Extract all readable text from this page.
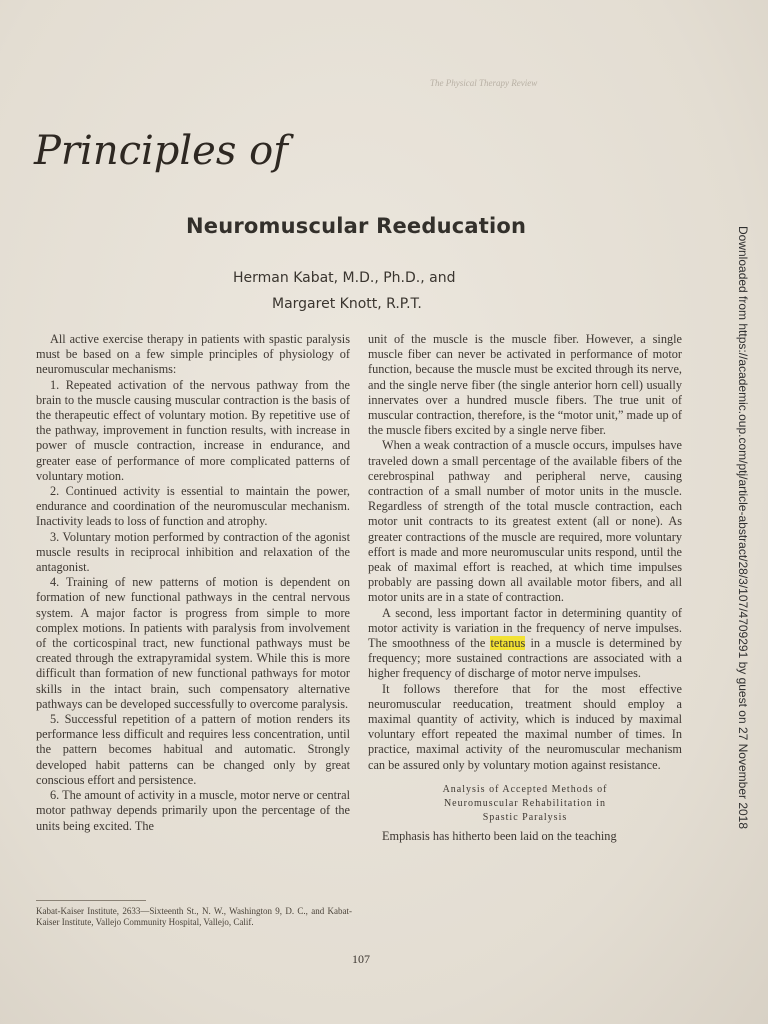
The Physical Therapy Review
Principles of
Neuromuscular Reeducation
Herman Kabat, M.D., Ph.D., and
Margaret Knott, R.P.T.

All active exercise therapy in patients with spastic paralysis must be based on a few simple principles of physiology of neuromuscular mechanisms:

1. Repeated activation of the nervous pathway from the brain to the muscle causing muscular contraction is the basis of the therapeutic effect of voluntary motion. By repetitive use of the pathway, improvement in function results, with increase in power of muscle contraction, increase in endurance, and greater ease of performance of more complicated patterns of voluntary motion.

2. Continued activity is essential to maintain the power, endurance and coordination of the neuromuscular mechanism. Inactivity leads to loss of function and atrophy.

3. Voluntary motion performed by contraction of the agonist muscle results in reciprocal inhibition and relaxation of the antagonist.

4. Training of new patterns of motion is dependent on formation of new functional pathways in the central nervous system. A major factor is progress from simple to more complex motions. In patients with paralysis from involvement of the corticospinal tract, new functional pathways must be created through the extrapyramidal system. While this is more difficult than formation of new functional pathways for motor skills in the intact brain, such compensatory alternative pathways can be developed successfully to overcome paralysis.

5. Successful repetition of a pattern of motion renders its performance less difficult and requires less concentration, until the pattern becomes habitual and automatic. Strongly developed habit patterns can be changed only by great conscious effort and persistence.

6. The amount of activity in a muscle, motor nerve or central motor pathway depends primarily upon the percentage of the units being excited. The

unit of the muscle is the muscle fiber. However, a single muscle fiber can never be activated in performance of motor function, because the muscle must be excited through its nerve, and the single nerve fiber (the single anterior horn cell) usually innervates over a hundred muscle fibers. The true unit of muscular contraction, therefore, is the “motor unit,” made up of the muscle fibers excited by a single nerve fiber.

When a weak contraction of a muscle occurs, impulses have traveled down a small percentage of the available fibers of the cerebrospinal pathway and peripheral nerve, causing contraction of a small number of motor units in the muscle. Regardless of strength of the total muscle contraction, each motor unit contracts to its greatest extent (all or none). As greater contractions of the muscle are required, more voluntary effort is made and more neuromuscular units respond, until the peak of maximal effort is reached, at which time impulses probably are passing down all available motor fibers, and all motor units are in a state of contraction.

A second, less important factor in determining quantity of motor activity is variation in the frequency of nerve impulses. The smoothness of the tetanus in a muscle is determined by frequency; more sustained contractions are associated with a higher frequency of discharge of motor nerve impulses.

It follows therefore that for the most effective neuromuscular reeducation, treatment should employ a maximal quantity of activity, which is induced by maximal voluntary effort repeated the maximal number of times. In practice, maximal activity of the neuromuscular mechanism can be assured only by voluntary motion against resistance.

Analysis of Accepted Methods of
Neuromuscular Rehabilitation in
Spastic Paralysis

Emphasis has hitherto been laid on the teaching

Kabat-Kaiser Institute, 2633—Sixteenth St., N. W., Washington 9, D. C., and Kabat-Kaiser Institute, Vallejo Community Hospital, Vallejo, Calif.
107
Downloaded from https://academic.oup.com/ptj/article-abstract/28/3/107/4709291 by guest on 27 November 2018
